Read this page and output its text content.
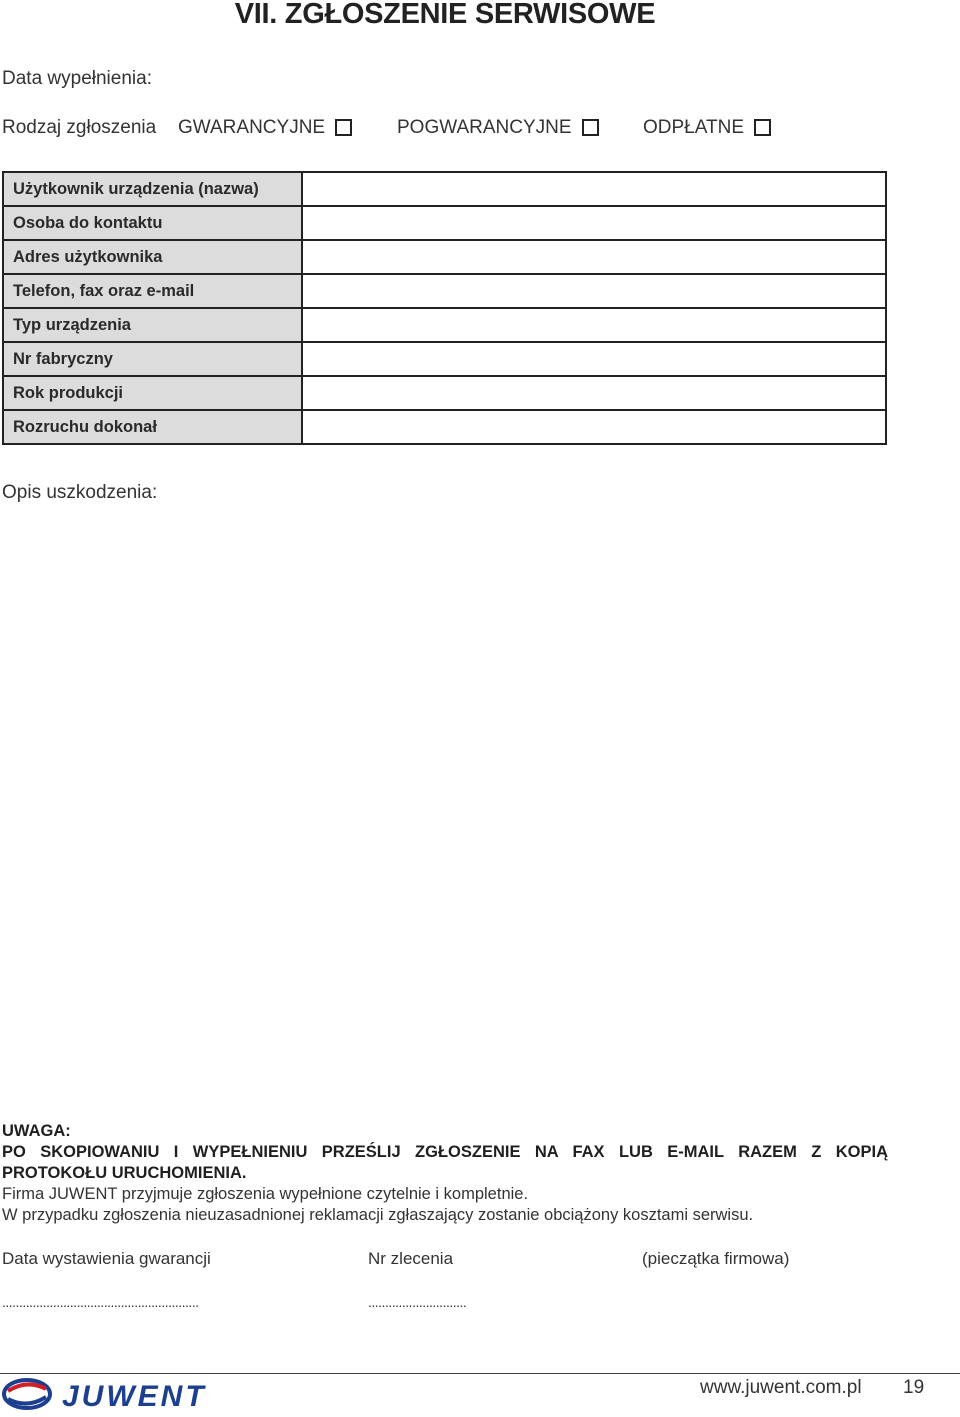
VII. ZGŁOSZENIE SERWISOWE
Data wypełnienia:
Rodzaj zgłoszenia GWARANCYJNE	POGWARANCYJNE	ODPŁATNE
Użytkownik urządzenia (nazwa)	
Osoba do kontaktu	
Adres użytkownika	
Telefon, fax oraz e-mail	
Typ urządzenia	
Nr fabryczny	
Rok produkcji	
Rozruchu dokonał	
Opis uszkodzenia:
UWAGA:
PO SKOPIOWANIU I WYPEŁNIENIU PRZEŚLIJ ZGŁOSZENIE NA FAX LUB E-MAIL RAZEM Z KOPIĄ
PROTOKOŁU URUCHOMIENIA.
Firma JUWENT przyjmuje zgłoszenia wypełnione czytelnie i kompletnie.
W przypadku zgłoszenia nieuzasadnionej reklamacji zgłaszający zostanie obciążony kosztami serwisu.
Data wystawienia gwarancji	Nr zlecenia	(pieczątka firmowa)
..........................................................	.............................
JUWENT	www.juwent.com.pl 19
